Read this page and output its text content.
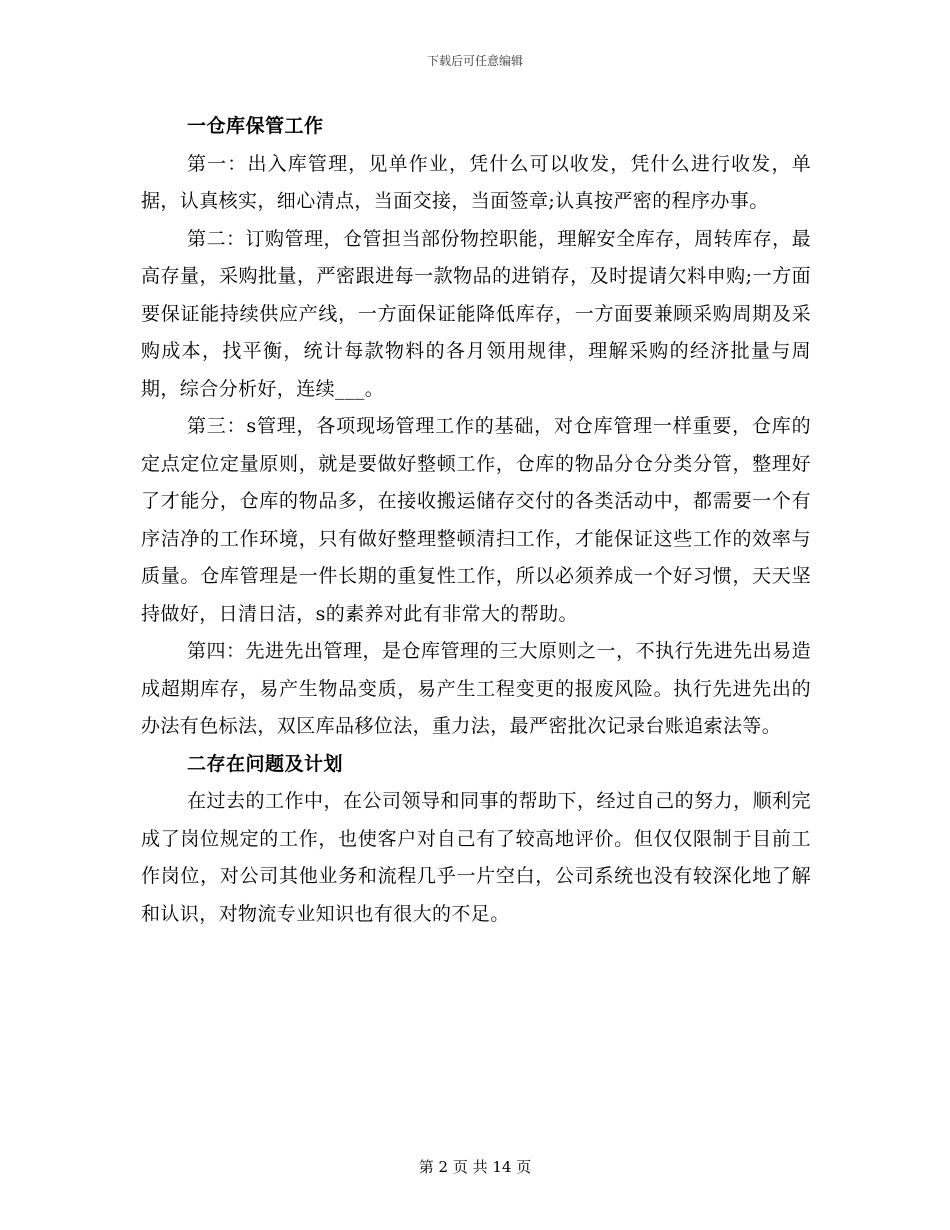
下载后可任意编辑
一仓库保管工作

第一：出入库管理，见单作业，凭什么可以收发，凭什么进行收发，单据，认真核实，细心清点，当面交接，当面签章;认真按严密的程序办事。

第二：订购管理，仓管担当部份物控职能，理解安全库存，周转库存，最高存量，采购批量，严密跟进每一款物品的进销存，及时提请欠料申购;一方面要保证能持续供应产线，一方面保证能降低库存，一方面要兼顾采购周期及采购成本，找平衡，统计每款物料的各月领用规律，理解采购的经济批量与周期，综合分析好，连续___。

第三：s管理，各项现场管理工作的基础，对仓库管理一样重要，仓库的定点定位定量原则，就是要做好整顿工作，仓库的物品分仓分类分管，整理好了才能分，仓库的物品多，在接收搬运储存交付的各类活动中，都需要一个有序洁净的工作环境，只有做好整理整顿清扫工作，才能保证这些工作的效率与质量。仓库管理是一件长期的重复性工作，所以必须养成一个好习惯，天天坚持做好，日清日洁，s的素养对此有非常大的帮助。

第四：先进先出管理，是仓库管理的三大原则之一，不执行先进先出易造成超期库存，易产生物品变质，易产生工程变更的报废风险。执行先进先出的办法有色标法，双区库品移位法，重力法，最严密批次记录台账追索法等。

二存在问题及计划

在过去的工作中，在公司领导和同事的帮助下，经过自己的努力，顺利完成了岗位规定的工作，也使客户对自己有了较高地评价。但仅仅限制于目前工作岗位，对公司其他业务和流程几乎一片空白，公司系统也没有较深化地了解和认识，对物流专业知识也有很大的不足。

第 2 页 共 14 页
